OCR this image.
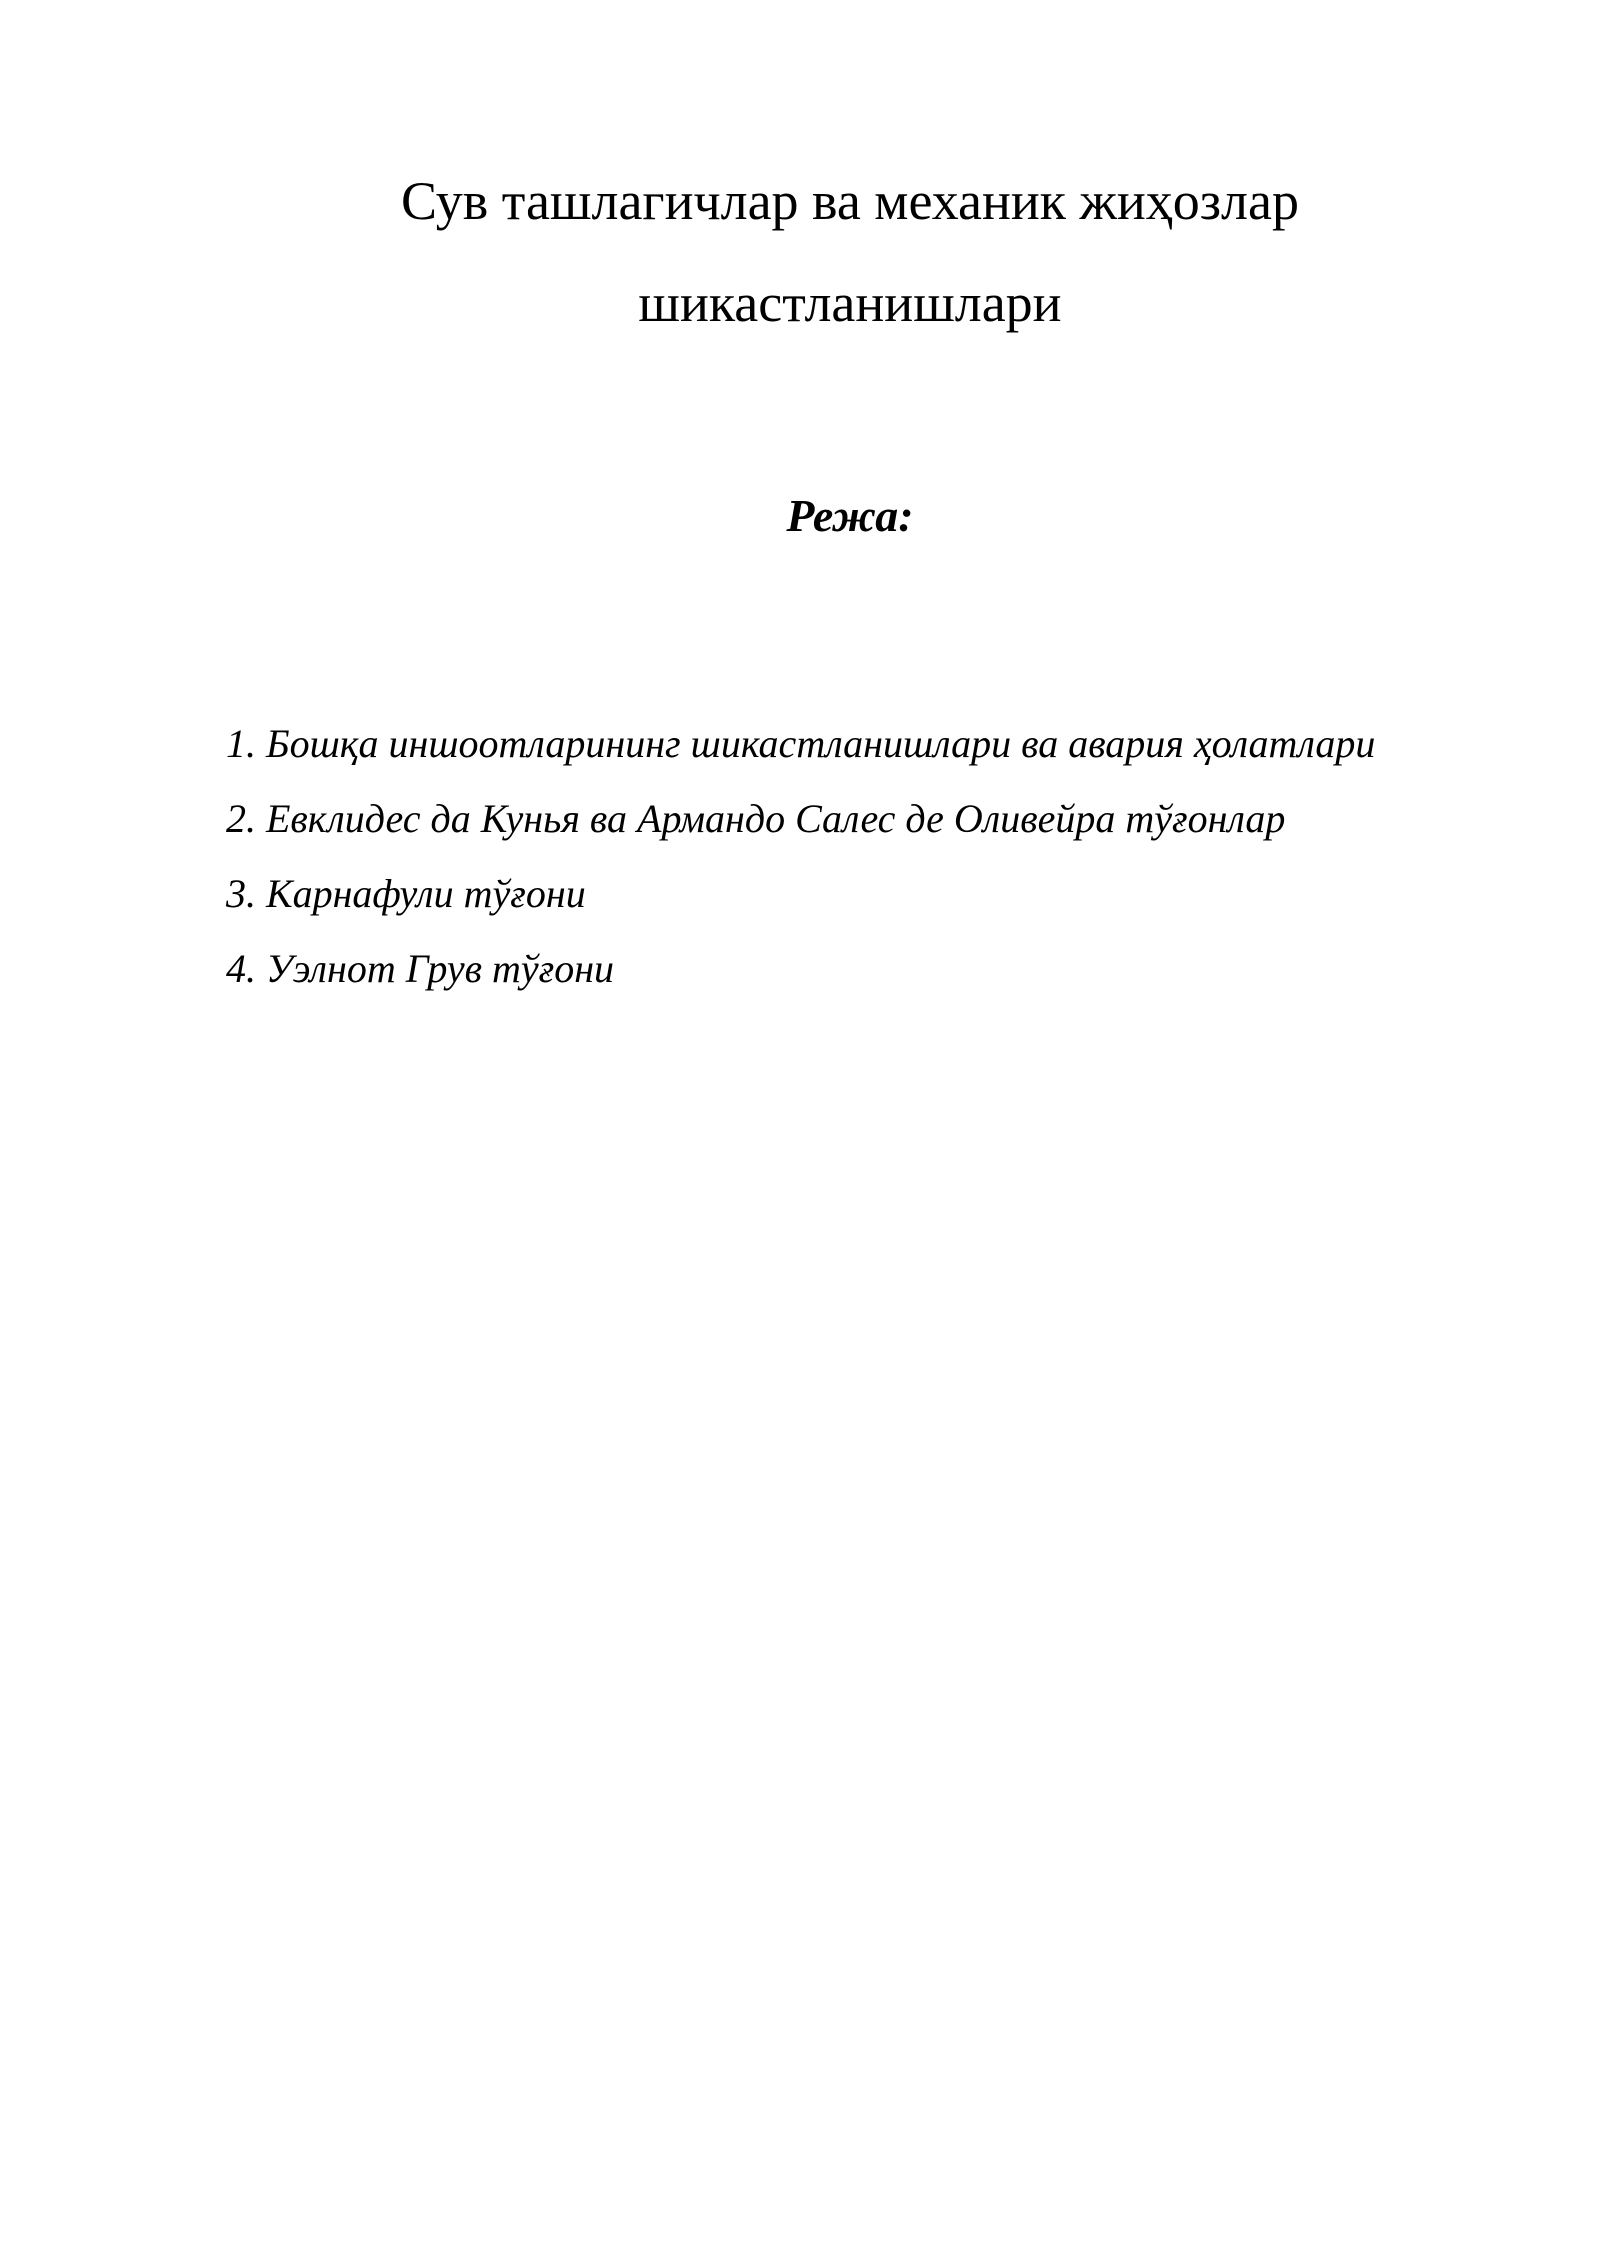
Сув ташлагичлар ва механик жиҳозлар
шикастланишлари
Режа:
1. Бошқа иншоотларининг шикастланишлари ва авария ҳолатлари
2. Евклидес да Кунья ва Армандо Салес де Оливейра тўғонлар
3. Карнафули тўғони
4. Уэлнот Грув тўғони
